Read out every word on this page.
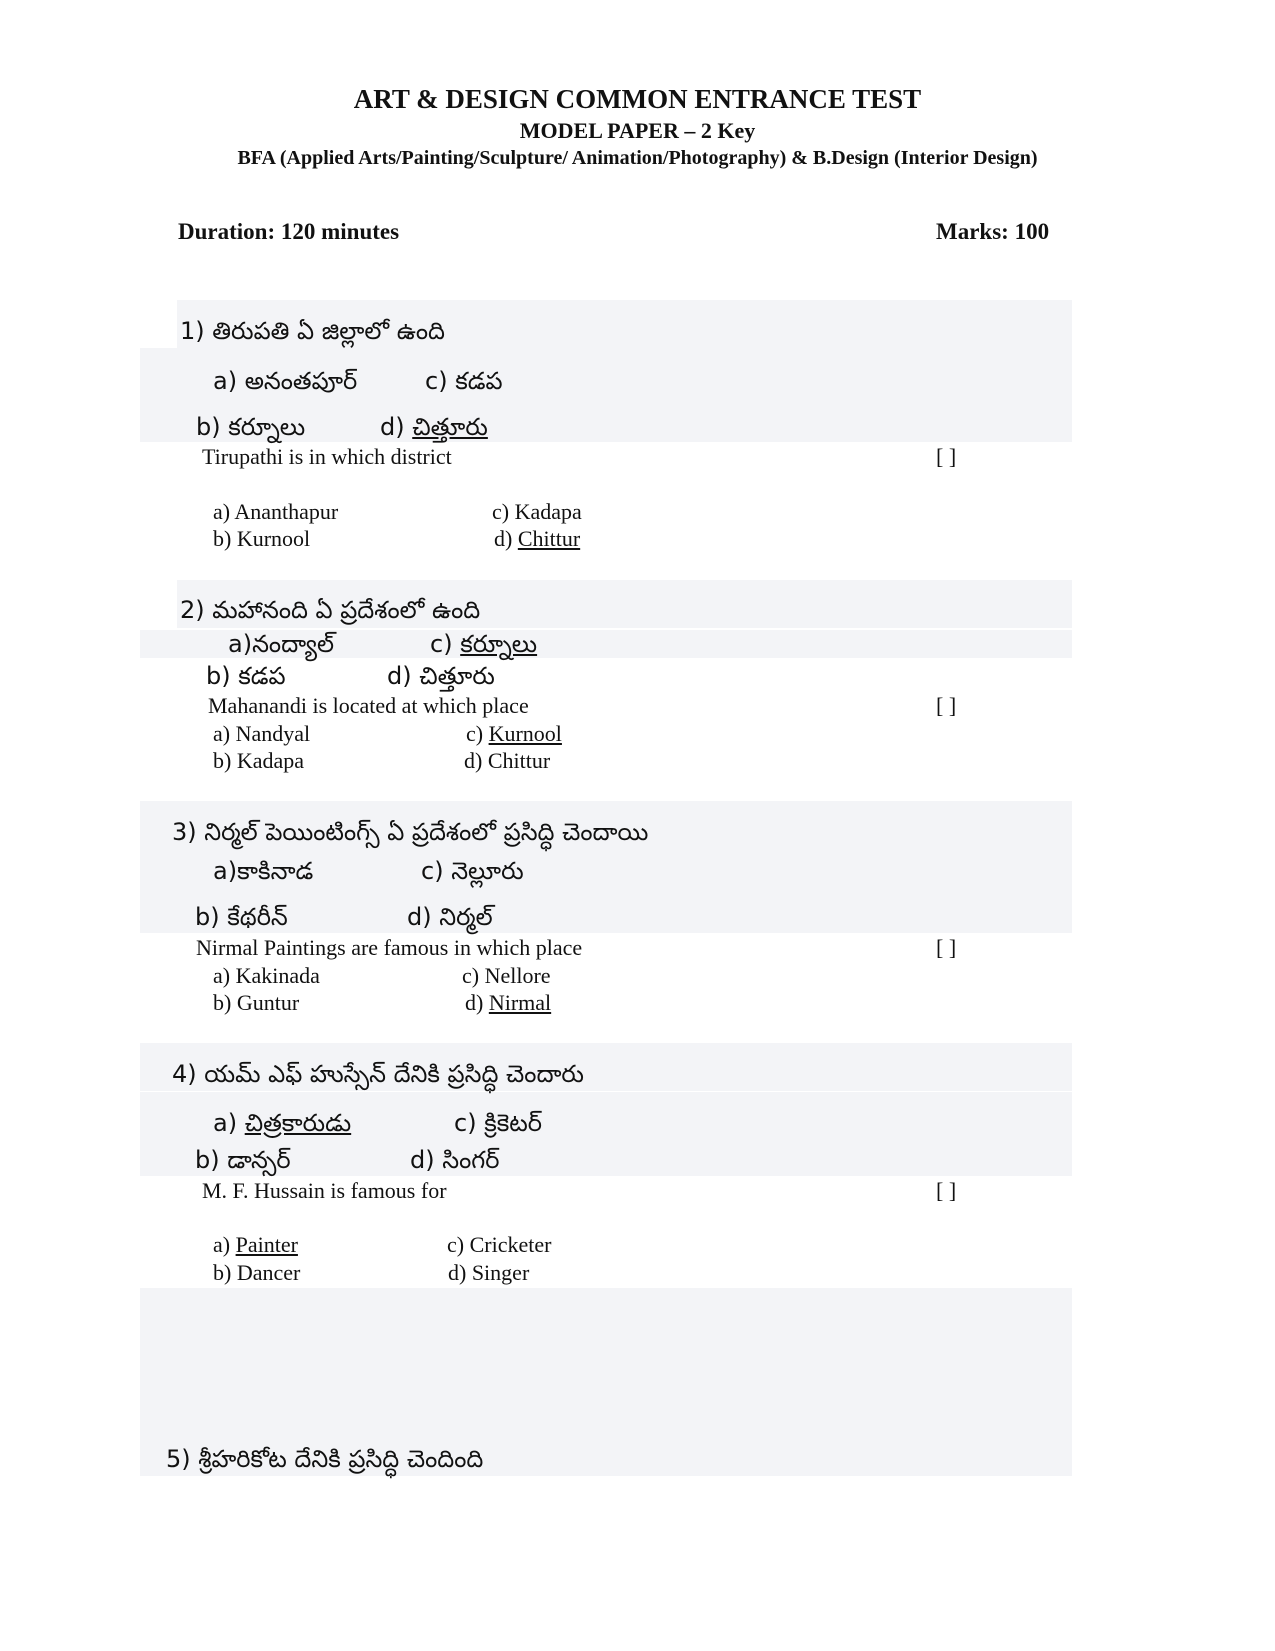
ART & DESIGN COMMON ENTRANCE TEST
MODEL PAPER – 2 Key
BFA (Applied Arts/Painting/Sculpture/ Animation/Photography) & B.Design (Interior Design)
Duration: 120 minutes	Marks: 100
1) తిరుపతి ఏ జిల్లాలో ఉంది
a) అనంతపూర్	c) కడప
b) కర్నూలు	d) చిత్తూరు
Tirupathi is in which district	[ ]
a) Ananthapur	c) Kadapa
b) Kurnool	d) Chittur
2) మహానంది ఏ ప్రదేశంలో ఉంది
a)నంద్యాల్	c) కర్నూలు
b) కడప	d) చిత్తూరు
Mahanandi is located at which place	[ ]
a) Nandyal	c) Kurnool
b) Kadapa	d) Chittur
3) నిర్మల్ పెయింటింగ్స్ ఏ ప్రదేశంలో ప్రసిద్ధి చెందాయి
a)కాకినాడ	c) నెల్లూరు
b) కేథరీన్	d) నిర్మల్
Nirmal Paintings are famous in which place	[ ]
a) Kakinada	c) Nellore
b) Guntur	d) Nirmal
4) యమ్ ఎఫ్ హుస్సేన్ దేనికి ప్రసిద్ధి చెందారు
a) చిత్రకారుడు	c) క్రికెటర్
b) డాన్సర్	d) సింగర్
M. F. Hussain is famous for	[ ]
a) Painter	c) Cricketer
b) Dancer	d) Singer
5) శ్రీహరికోట దేనికి ప్రసిద్ధి చెందింది
